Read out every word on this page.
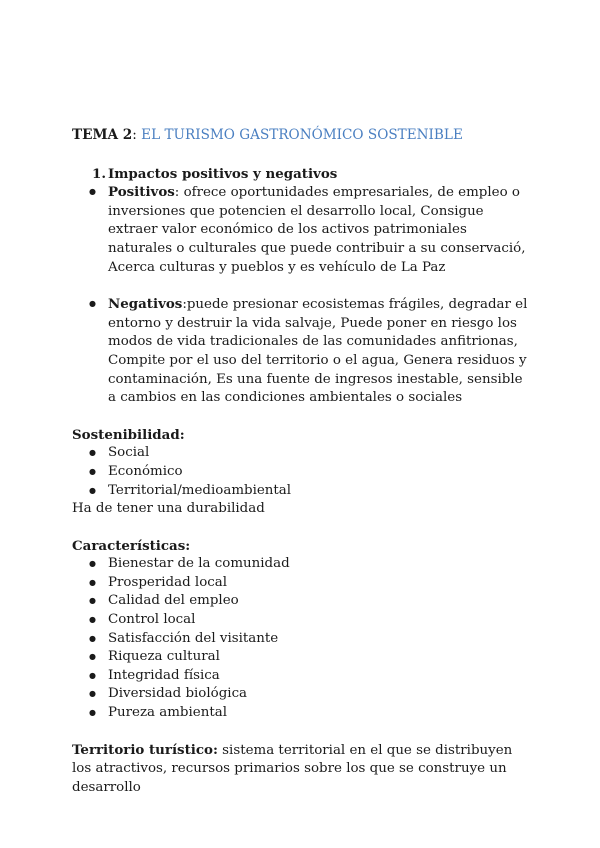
TEMA 2: EL TURISMO GASTRONÓMICO SOSTENIBLE

1. Impactos positivos y negativos
● Positivos: ofrece oportunidades empresariales, de empleo o inversiones que potencien el desarrollo local, Consigue extraer valor económico de los activos patrimoniales naturales o culturales que puede contribuir a su conservació, Acerca culturas y pueblos y es vehículo de La Paz
● Negativos:puede presionar ecosistemas frágiles, degradar el entorno y destruir la vida salvaje, Puede poner en riesgo los modos de vida tradicionales de las comunidades anfitrionas, Compite por el uso del territorio o el agua, Genera residuos y contaminación, Es una fuente de ingresos inestable, sensible a cambios en las condiciones ambientales o sociales

Sostenibilidad:

● Social
● Económico
● Territorial/medioambiental

Ha de tener una durabilidad

Características:

● Bienestar de la comunidad
● Prosperidad local
● Calidad del empleo
● Control local
● Satisfacción del visitante
● Riqueza cultural
● Integridad física
● Diversidad biológica
● Pureza ambiental

Territorio turístico: sistema territorial en el que se distribuyen los atractivos, recursos primarios sobre los que se construye un desarrollo
